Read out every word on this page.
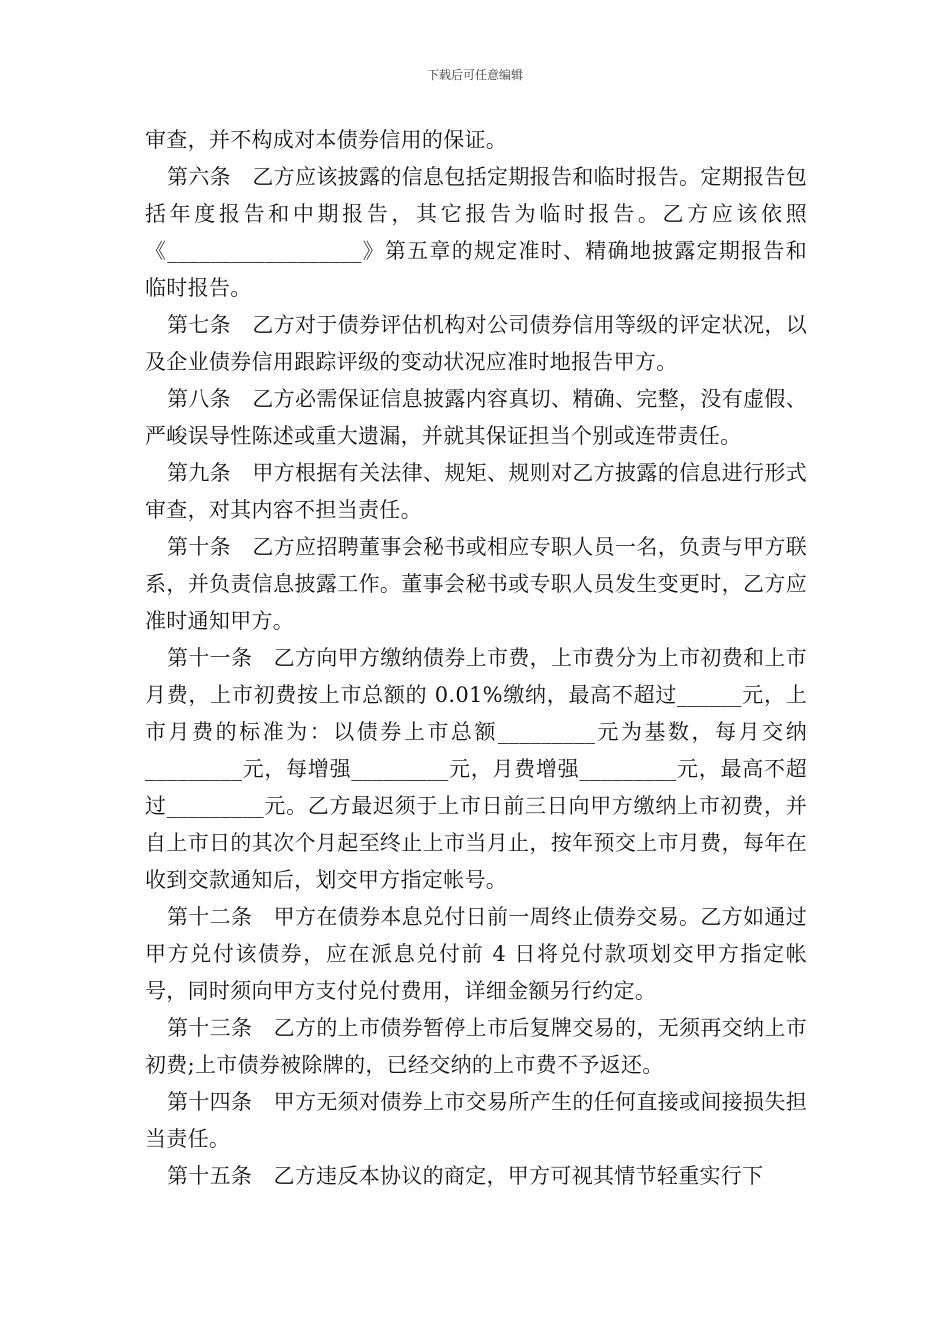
下载后可任意编辑

审查，并不构成对本债券信用的保证。

第六条　乙方应该披露的信息包括定期报告和临时报告。定期报告包括年度报告和中期报告，其它报告为临时报告。乙方应该依照《__________________》第五章的规定准时、精确地披露定期报告和临时报告。

第七条　乙方对于债券评估机构对公司债券信用等级的评定状况，以及企业债券信用跟踪评级的变动状况应准时地报告甲方。

第八条　乙方必需保证信息披露内容真切、精确、完整，没有虚假、严峻误导性陈述或重大遗漏，并就其保证担当个别或连带责任。

第九条　甲方根据有关法律、规矩、规则对乙方披露的信息进行形式审查，对其内容不担当责任。

第十条　乙方应招聘董事会秘书或相应专职人员一名，负责与甲方联系，并负责信息披露工作。董事会秘书或专职人员发生变更时，乙方应准时通知甲方。

第十一条　乙方向甲方缴纳债券上市费，上市费分为上市初费和上市月费，上市初费按上市总额的 0.01%缴纳，最高不超过______元，上市月费的标准为：以债券上市总额_________元为基数，每月交纳_________元，每增强_________元，月费增强_________元，最高不超过_________元。乙方最迟须于上市日前三日向甲方缴纳上市初费，并自上市日的其次个月起至终止上市当月止，按年预交上市月费，每年在收到交款通知后，划交甲方指定帐号。

第十二条　甲方在债券本息兑付日前一周终止债券交易。乙方如通过甲方兑付该债券，应在派息兑付前 4 日将兑付款项划交甲方指定帐号，同时须向甲方支付兑付费用，详细金额另行约定。

第十三条　乙方的上市债券暂停上市后复牌交易的，无须再交纳上市初费;上市债券被除牌的，已经交纳的上市费不予返还。

第十四条　甲方无须对债券上市交易所产生的任何直接或间接损失担当责任。

第十五条　乙方违反本协议的商定，甲方可视其情节轻重实行下
